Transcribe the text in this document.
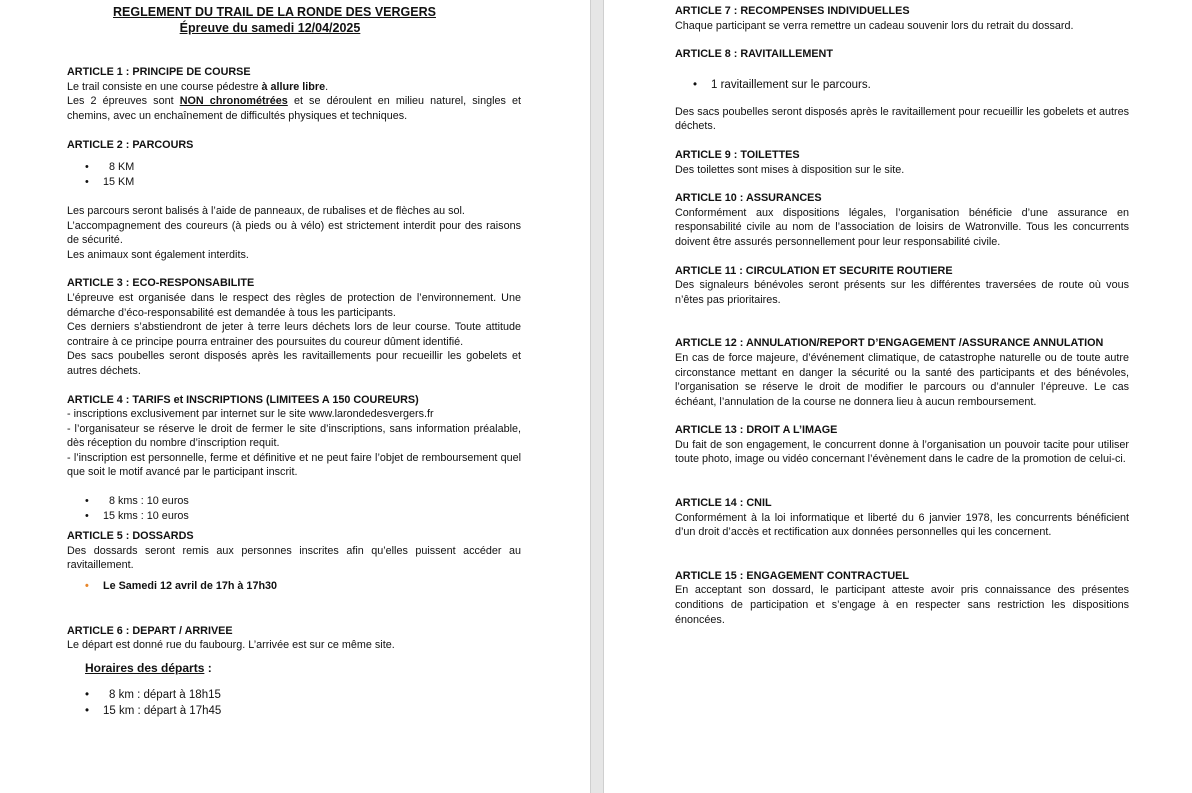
REGLEMENT DU TRAIL DE LA RONDE DES VERGERS
Épreuve du samedi 12/04/2025
ARTICLE 1 : PRINCIPE DE COURSE

Le trail consiste en une course pédestre à allure libre.

Les 2 épreuves sont NON chronométrées et se déroulent en milieu naturel, singles et chemins, avec un enchaînement de difficultés physiques et techniques.

ARTICLE 2 : PARCOURS
• 8 KM
• 15 KM

Les parcours seront balisés à l’aide de panneaux, de rubalises et de flèches au sol.

L’accompagnement des coureurs (à pieds ou à vélo) est strictement interdit pour des raisons de sécurité.

Les animaux sont également interdits.

ARTICLE 3 : ECO-RESPONSABILITE

L’épreuve est organisée dans le respect des règles de protection de l’environnement. Une démarche d’éco-responsabilité est demandée à tous les participants.

Ces derniers s’abstiendront de jeter à terre leurs déchets lors de leur course. Toute attitude contraire à ce principe pourra entrainer des poursuites du coureur dûment identifié.

Des sacs poubelles seront disposés après les ravitaillements pour recueillir les gobelets et autres déchets.

ARTICLE 4 : TARIFS et INSCRIPTIONS (LIMITEES A 150 COUREURS)

- inscriptions exclusivement par internet sur le site www.larondedesvergers.fr

- l’organisateur se réserve le droit de fermer le site d’inscriptions, sans information préalable, dès réception du nombre d’inscription requit.

- l’inscription est personnelle, ferme et définitive et ne peut faire l’objet de remboursement quel que soit le motif avancé par le participant inscrit.

• 8 kms : 10 euros
• 15 kms : 10 euros
ARTICLE 5 : DOSSARDS

Des dossards seront remis aux personnes inscrites afin qu’elles puissent accéder au ravitaillement.

• Le Samedi 12 avril de 17h à 17h30
ARTICLE 6 : DEPART / ARRIVEE

Le départ est donné rue du faubourg. L’arrivée est sur ce même site.

Horaires des départs :
• 8 km : départ à 18h15
• 15 km : départ à 17h45
ARTICLE 7 : RECOMPENSES INDIVIDUELLES

Chaque participant se verra remettre un cadeau souvenir lors du retrait du dossard.

ARTICLE 8 : RAVITAILLEMENT
• 1 ravitaillement sur le parcours.

Des sacs poubelles seront disposés après le ravitaillement pour recueillir les gobelets et autres déchets.

ARTICLE 9 : TOILETTES

Des toilettes sont mises à disposition sur le site.

ARTICLE 10 : ASSURANCES

Conformément aux dispositions légales, l’organisation bénéficie d’une assurance en responsabilité civile au nom de l’association de loisirs de Watronville. Tous les concurrents doivent être assurés personnellement pour leur responsabilité civile.

ARTICLE 11 : CIRCULATION ET SECURITE ROUTIERE

Des signaleurs bénévoles seront présents sur les différentes traversées de route où vous n’êtes pas prioritaires.

ARTICLE 12 : ANNULATION/REPORT D’ENGAGEMENT /ASSURANCE ANNULATION

En cas de force majeure, d’événement climatique, de catastrophe naturelle ou de toute autre circonstance mettant en danger la sécurité ou la santé des participants et des bénévoles, l’organisation se réserve le droit de modifier le parcours ou d’annuler l’épreuve. Le cas échéant, l’annulation de la course ne donnera lieu à aucun remboursement.

ARTICLE 13 : DROIT A L’IMAGE

Du fait de son engagement, le concurrent donne à l’organisation un pouvoir tacite pour utiliser toute photo, image ou vidéo concernant l’évènement dans le cadre de la promotion de celui-ci.

ARTICLE 14 : CNIL

Conformément à la loi informatique et liberté du 6 janvier 1978, les concurrents bénéficient d’un droit d’accès et rectification aux données personnelles qui les concernent.

ARTICLE 15 : ENGAGEMENT CONTRACTUEL

En acceptant son dossard, le participant atteste avoir pris connaissance des présentes conditions de participation et s’engage à en respecter sans restriction les dispositions énoncées.
